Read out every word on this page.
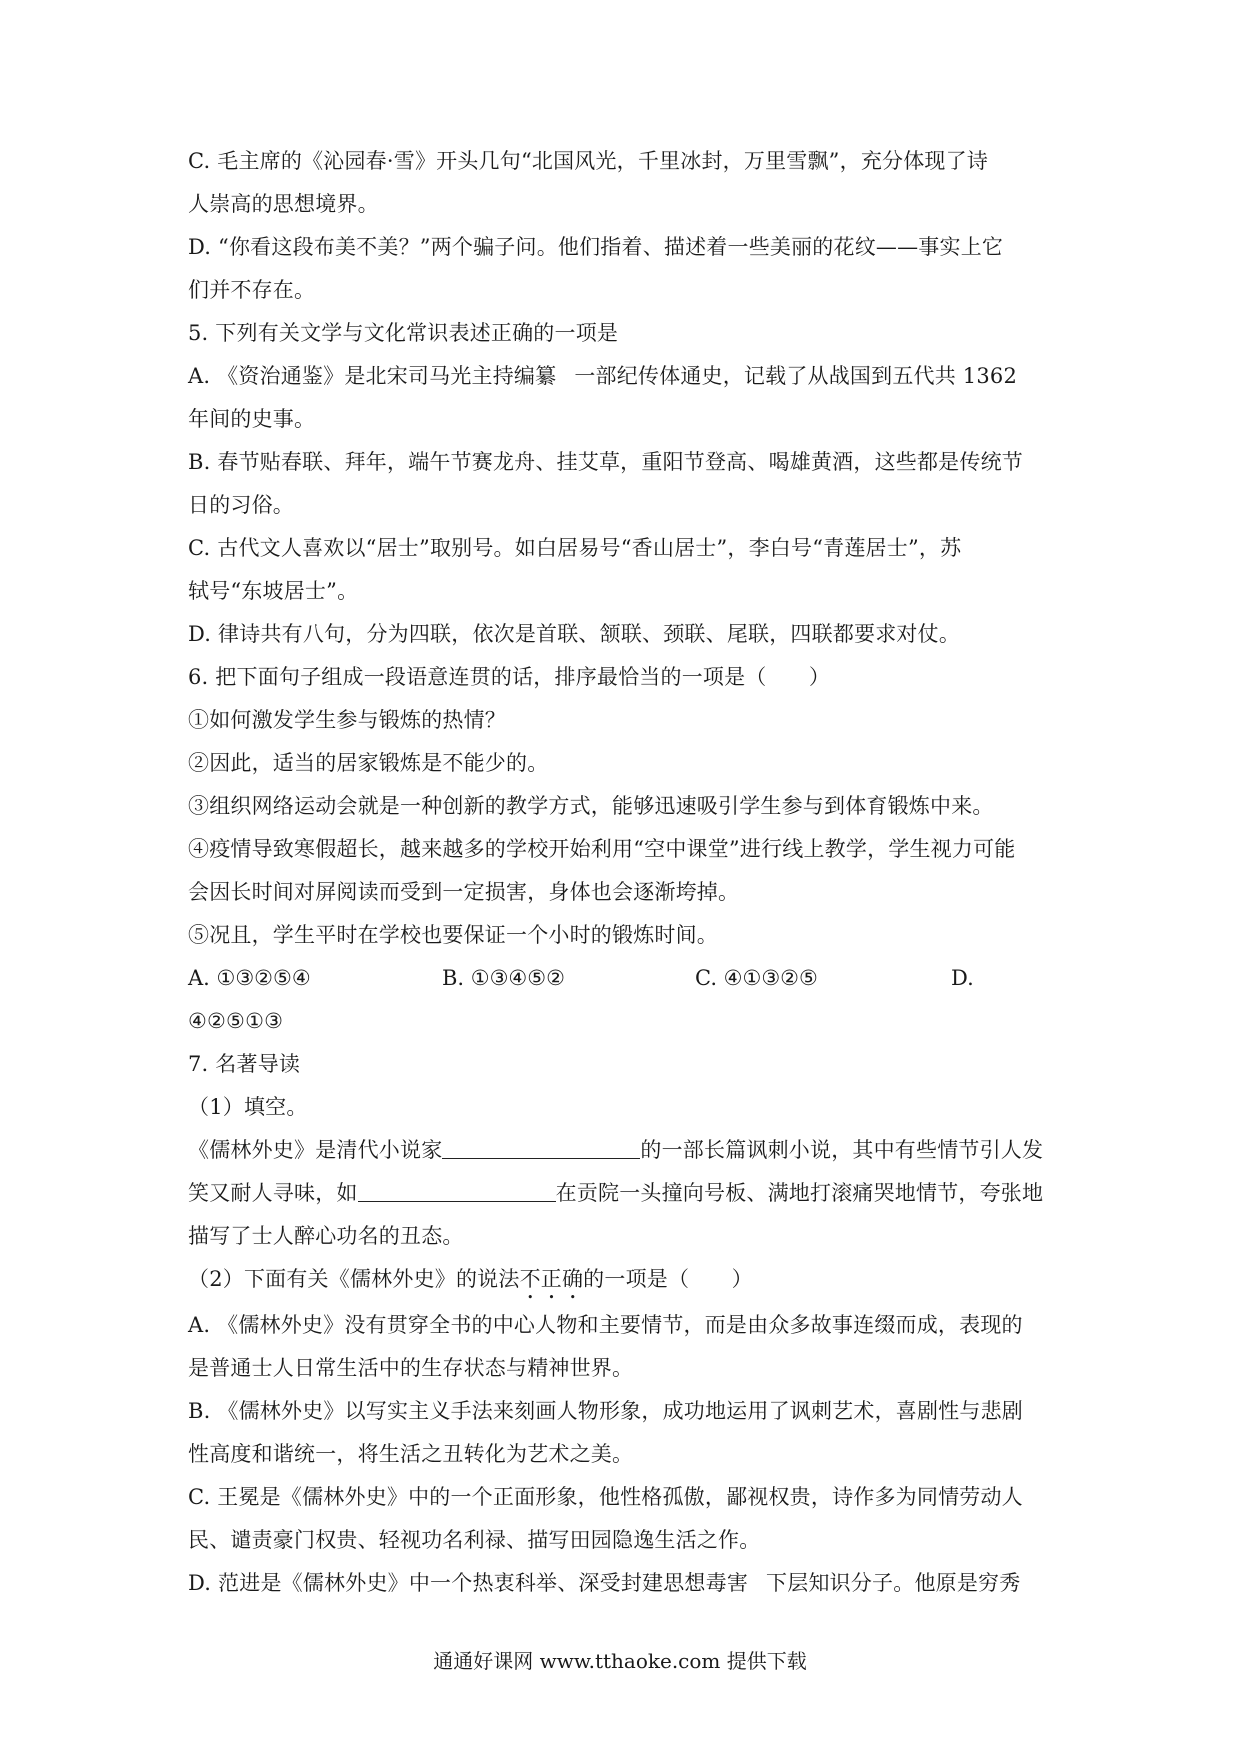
C. 毛主席的《沁园春·雪》开头几句“北国风光，千里冰封，万里雪飘”，充分体现了诗
人崇高的思想境界。
D. “你看这段布美不美？”两个骗子问。他们指着、描述着一些美丽的花纹——事实上它
们并不存在。
5. 下列有关文学与文化常识表述正确的一项是
A. 《资治通鉴》是北宋司马光主持编纂 一部纪传体通史，记载了从战国到五代共 1362
年间的史事。
B. 春节贴春联、拜年，端午节赛龙舟、挂艾草，重阳节登高、喝雄黄酒，这些都是传统节
日的习俗。
C. 古代文人喜欢以“居士”取别号。如白居易号“香山居士”，李白号“青莲居士”，苏
轼号“东坡居士”。
D. 律诗共有八句，分为四联，依次是首联、颔联、颈联、尾联，四联都要求对仗。
6. 把下面句子组成一段语意连贯的话，排序最恰当的一项是（　　）
①如何激发学生参与锻炼的热情？
②因此，适当的居家锻炼是不能少的。
③组织网络运动会就是一种创新的教学方式，能够迅速吸引学生参与到体育锻炼中来。
④疫情导致寒假超长，越来越多的学校开始利用“空中课堂”进行线上教学，学生视力可能
会因长时间对屏阅读而受到一定损害，身体也会逐渐垮掉。
⑤况且，学生平时在学校也要保证一个小时的锻炼时间。
A. ①③②⑤④	B. ①③④⑤②	C. ④①③②⑤	D.
④②⑤①③
7. 名著导读
（1）填空。
《儒林外史》是清代小说家	的一部长篇讽刺小说，其中有些情节引人发
笑又耐人寻味，如	在贡院一头撞向号板、满地打滚痛哭地情节，夸张地
描写了士人醉心功名的丑态。
（2）下面有关《儒林外史》的说法不正确的一项是（　　）
A. 《儒林外史》没有贯穿全书的中心人物和主要情节，而是由众多故事连缀而成，表现的
是普通士人日常生活中的生存状态与精神世界。
B. 《儒林外史》以写实主义手法来刻画人物形象，成功地运用了讽刺艺术，喜剧性与悲剧
性高度和谐统一，将生活之丑转化为艺术之美。
C. 王冕是《儒林外史》中的一个正面形象，他性格孤傲，鄙视权贵，诗作多为同情劳动人
民、谴责豪门权贵、轻视功名利禄、描写田园隐逸生活之作。
D. 范进是《儒林外史》中一个热衷科举、深受封建思想毒害 下层知识分子。他原是穷秀
通通好课网 www.tthaoke.com 提供下载
